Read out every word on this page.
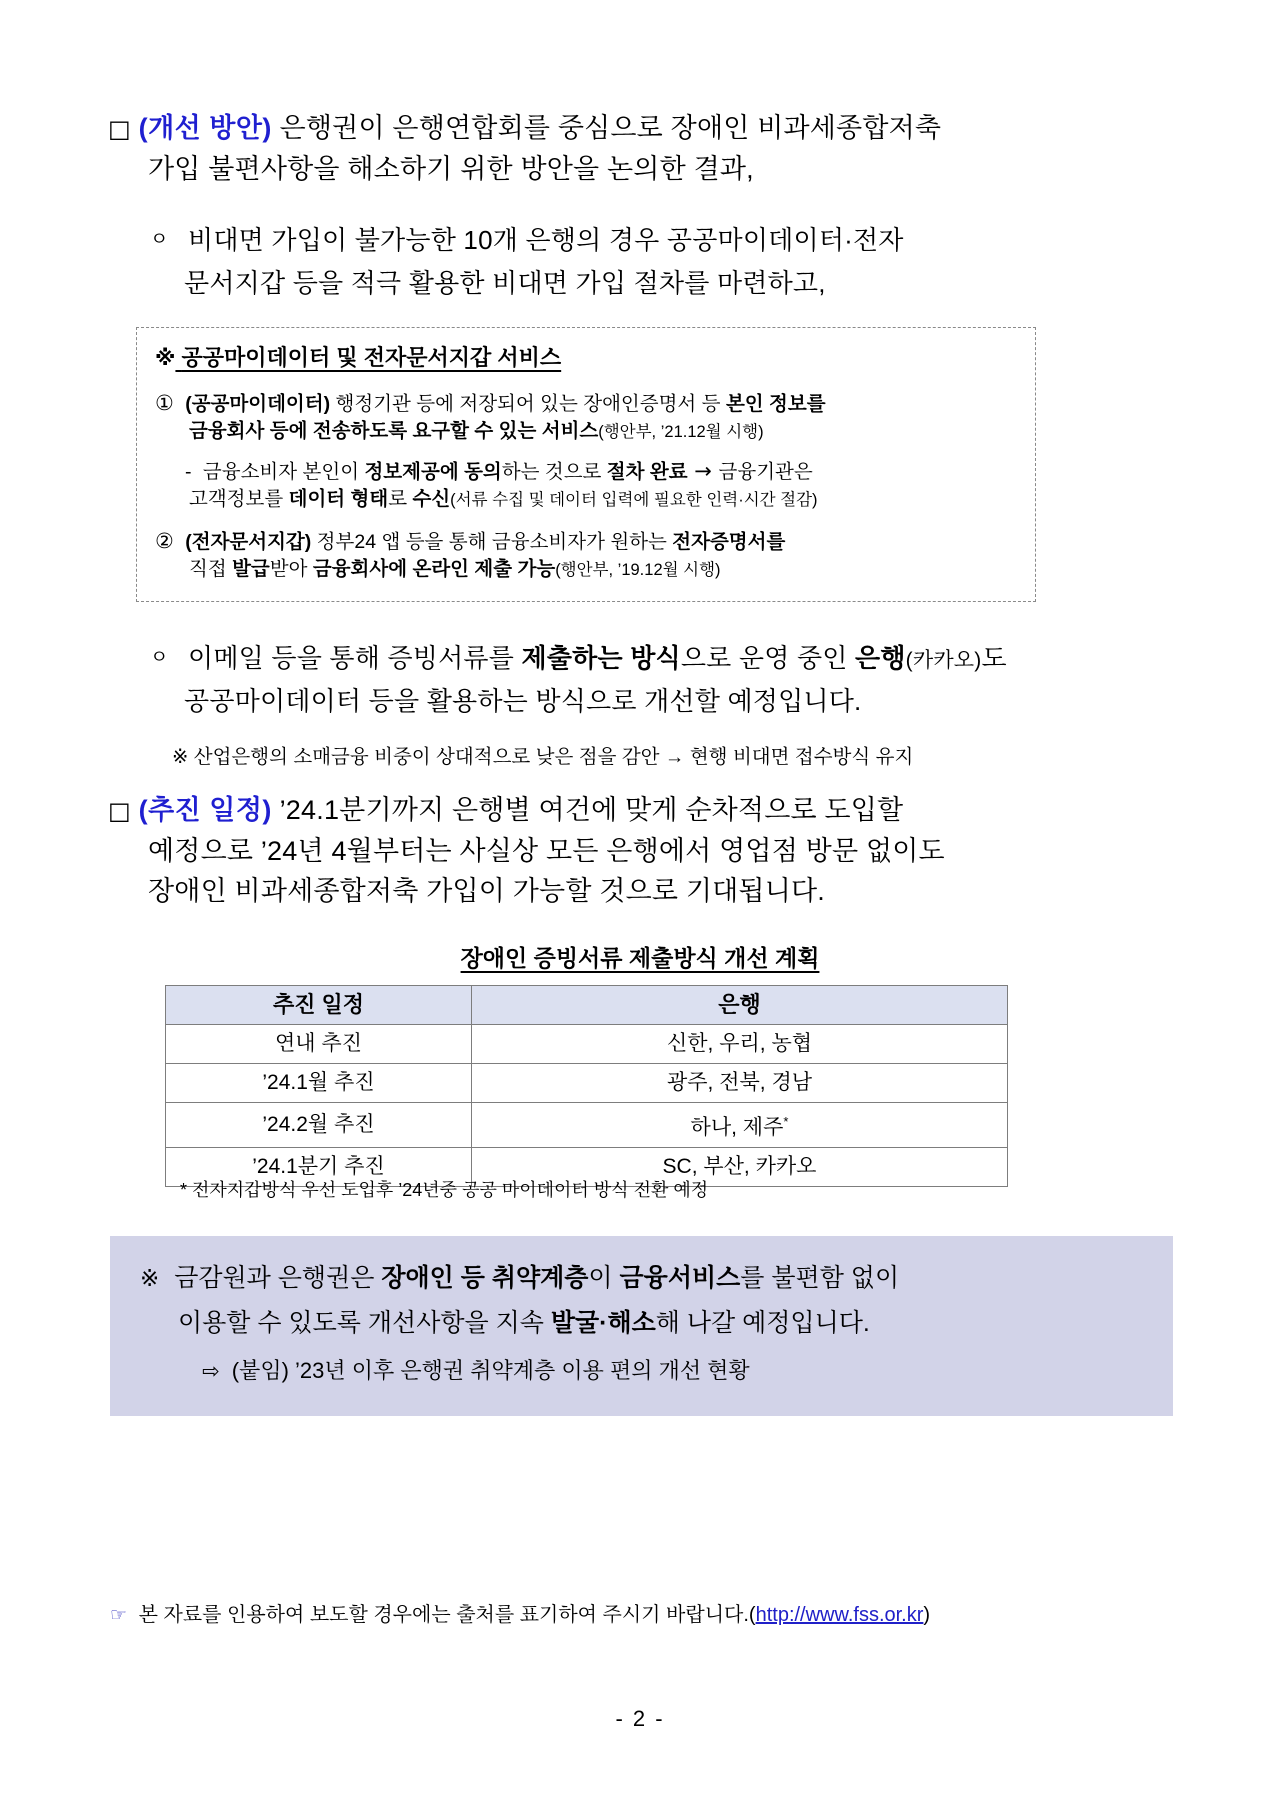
□ (개선 방안) 은행권이 은행연합회를 중심으로 장애인 비과세종합저축
가입 불편사항을 해소하기 위한 방안을 논의한 결과,
ㅇ 비대면 가입이 불가능한 10개 은행의 경우 공공마이데이터·전자
문서지갑 등을 적극 활용한 비대면 가입 절차를 마련하고,
※ 공공마이데이터 및 전자문서지갑 서비스
① (공공마이데이터) 행정기관 등에 저장되어 있는 장애인증명서 등 본인 정보를
금융회사 등에 전송하도록 요구할 수 있는 서비스(행안부, ’21.12월 시행)
- 금융소비자 본인이 정보제공에 동의하는 것으로 절차 완료 → 금융기관은
고객정보를 데이터 형태로 수신(서류 수집 및 데이터 입력에 필요한 인력·시간 절감)
② (전자문서지갑) 정부24 앱 등을 통해 금융소비자가 원하는 전자증명서를
직접 발급받아 금융회사에 온라인 제출 가능(행안부, ’19.12월 시행)
ㅇ 이메일 등을 통해 증빙서류를 제출하는 방식으로 운영 중인 은행(카카오)도
공공마이데이터 등을 활용하는 방식으로 개선할 예정입니다.
※ 산업은행의 소매금융 비중이 상대적으로 낮은 점을 감안 → 현행 비대면 접수방식 유지
□ (추진 일정) ’24.1분기까지 은행별 여건에 맞게 순차적으로 도입할
예정으로 ’24년 4월부터는 사실상 모든 은행에서 영업점 방문 없이도
장애인 비과세종합저축 가입이 가능할 것으로 기대됩니다.
장애인 증빙서류 제출방식 개선 계획
추진 일정	은행
연내 추진	신한, 우리, 농협
’24.1월 추진	광주, 전북, 경남
’24.2월 추진	하나, 제주*
’24.1분기 추진	SC, 부산, 카카오
* 전자지갑방식 우선 도입후 ’24년중 공공 마이데이터 방식 전환 예정
※ 금감원과 은행권은 장애인 등 취약계층이 금융서비스를 불편함 없이
이용할 수 있도록 개선사항을 지속 발굴·해소해 나갈 예정입니다.
⇨ (붙임) ’23년 이후 은행권 취약계층 이용 편의 개선 현황
☞ 본 자료를 인용하여 보도할 경우에는 출처를 표기하여 주시기 바랍니다.(http://www.fss.or.kr)
- 2 -
